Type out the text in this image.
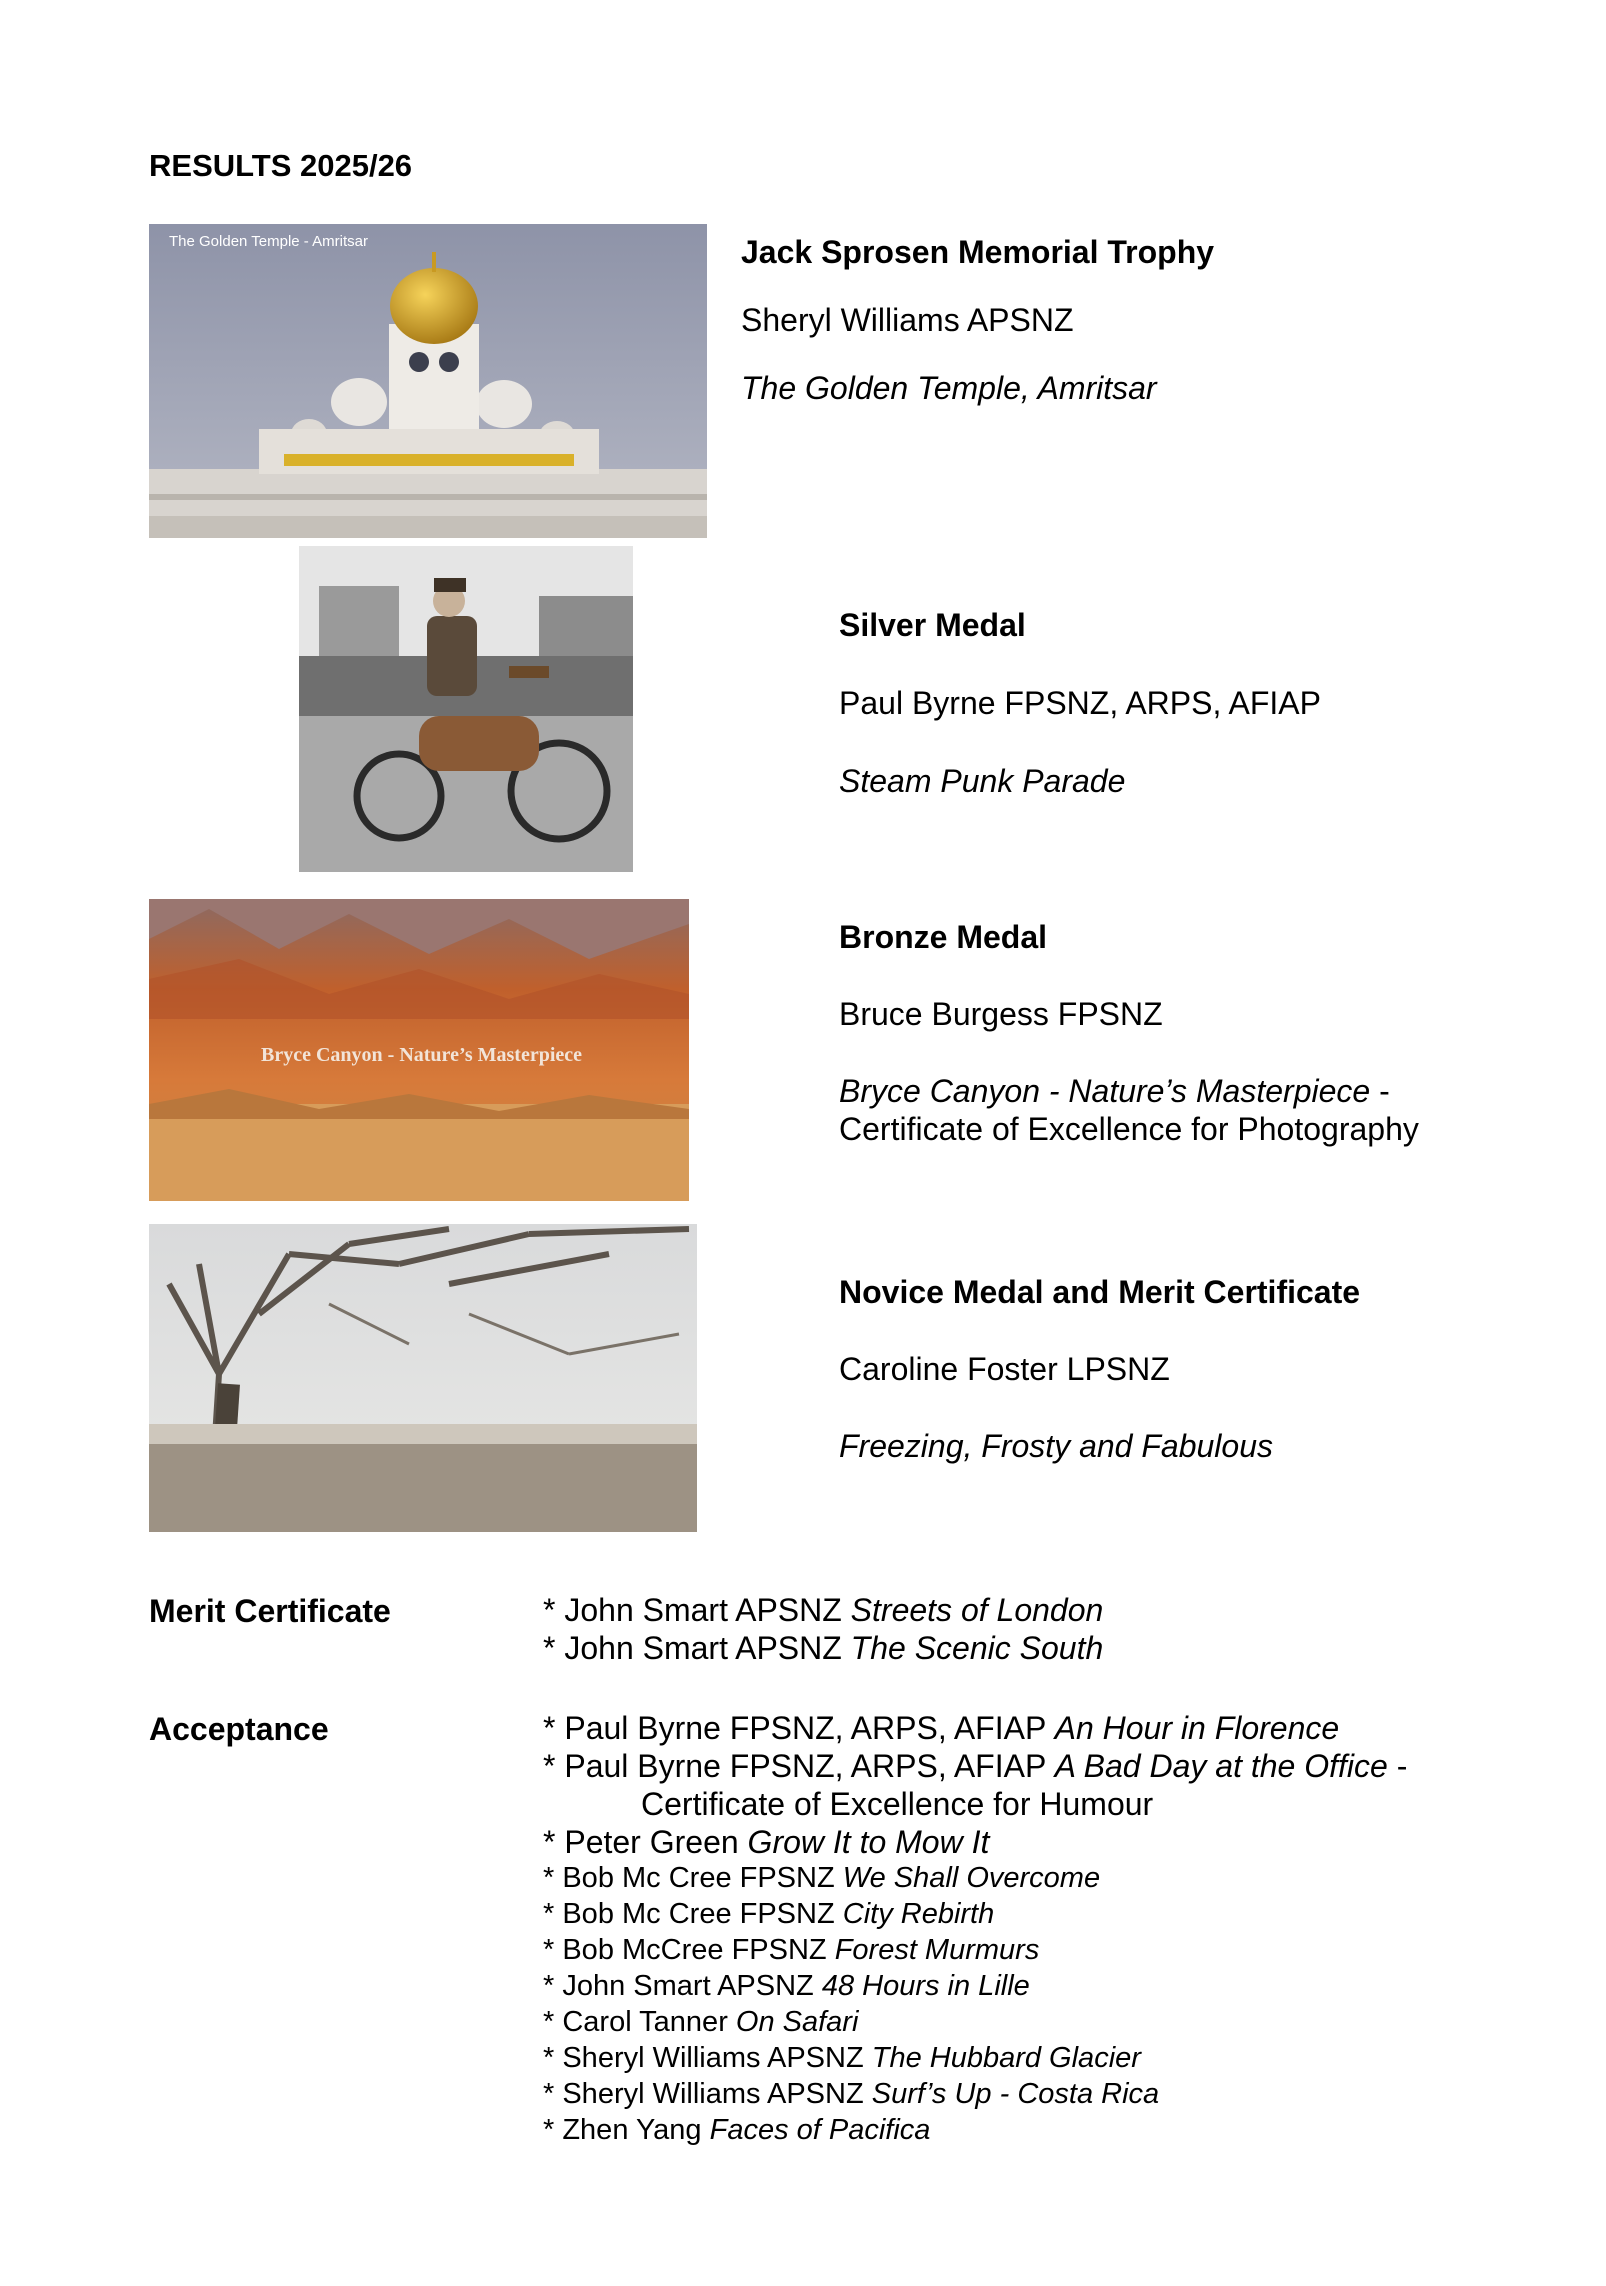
RESULTS 2025/26
The Golden Temple - Amritsar	Jack Sprosen Memorial Trophy
Sheryl Williams APSNZ
The Golden Temple, Amritsar
Silver Medal
Paul Byrne FPSNZ, ARPS, AFIAP
Steam Punk Parade
Bryce Canyon - Nature’s Masterpiece
Bronze Medal
Bruce Burgess FPSNZ
Bryce Canyon - Nature’s Masterpiece -
Certificate of Excellence for Photography
Novice Medal and Merit Certificate
Caroline Foster LPSNZ
Freezing, Frosty and Fabulous
Merit Certificate	* John Smart APSNZ Streets of London
* John Smart APSNZ The Scenic South
Acceptance	* Paul Byrne FPSNZ, ARPS, AFIAP An Hour in Florence
* Paul Byrne FPSNZ, ARPS, AFIAP A Bad Day at the Office -
Certificate of Excellence for Humour
* Peter Green Grow It to Mow It
* Bob Mc Cree FPSNZ We Shall Overcome
* Bob Mc Cree FPSNZ City Rebirth
* Bob McCree FPSNZ Forest Murmurs
* John Smart APSNZ 48 Hours in Lille
* Carol Tanner On Safari
* Sheryl Williams APSNZ The Hubbard Glacier
* Sheryl Williams APSNZ Surf’s Up - Costa Rica
* Zhen Yang Faces of Pacifica
